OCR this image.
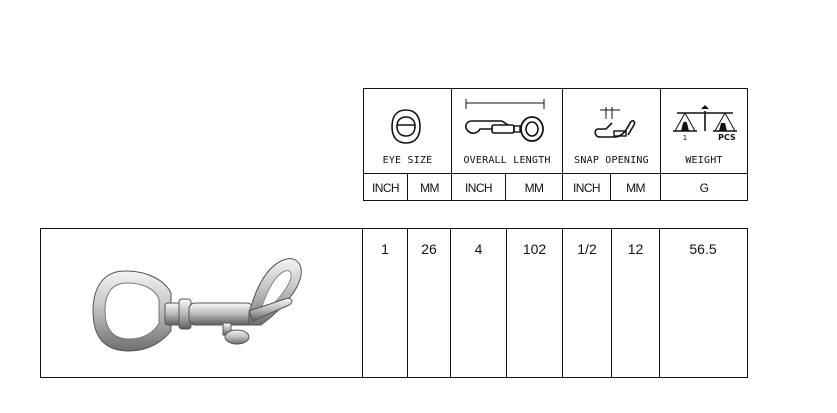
1	PCS
EYE SIZE	OVERALL LENGTH	SNAP OPENING	WEIGHT
INCH	MM	INCH	MM	INCH	MM	G
1	26	4	102	1/2	12	56.5
